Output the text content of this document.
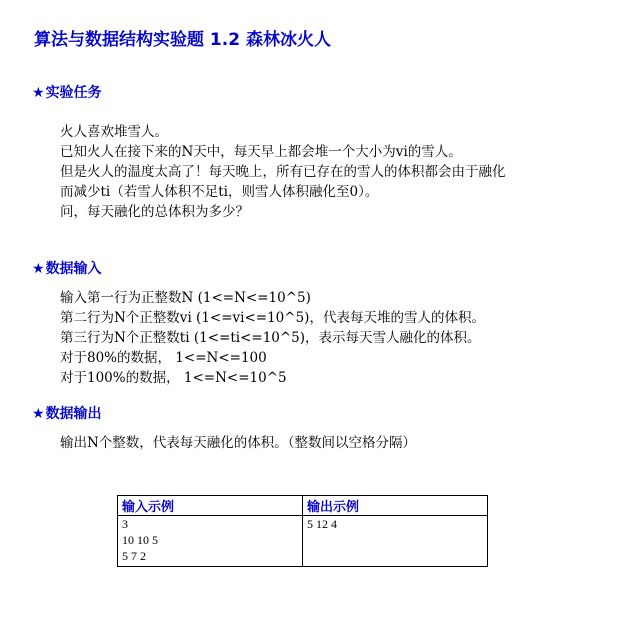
算法与数据结构实验题 1.2 森林冰火人
★实验任务
火人喜欢堆雪人。
已知火人在接下来的N天中，每天早上都会堆一个大小为vi的雪人。
但是火人的温度太高了！每天晚上，所有已存在的雪人的体积都会由于融化
而减少ti（若雪人体积不足ti，则雪人体积融化至0）。
问，每天融化的总体积为多少？
★数据输入
输入第一行为正整数N (1<=N<=10^5)
第二行为N个正整数vi (1<=vi<=10^5)，代表每天堆的雪人的体积。
第三行为N个正整数ti (1<=ti<=10^5)，表示每天雪人融化的体积。
对于80%的数据， 1<=N<=100
对于100%的数据， 1<=N<=10^5
★数据输出
输出N个整数，代表每天融化的体积。（整数间以空格分隔）
输入示例	输出示例

3
10 10 5
5 7 2	5 12 4
